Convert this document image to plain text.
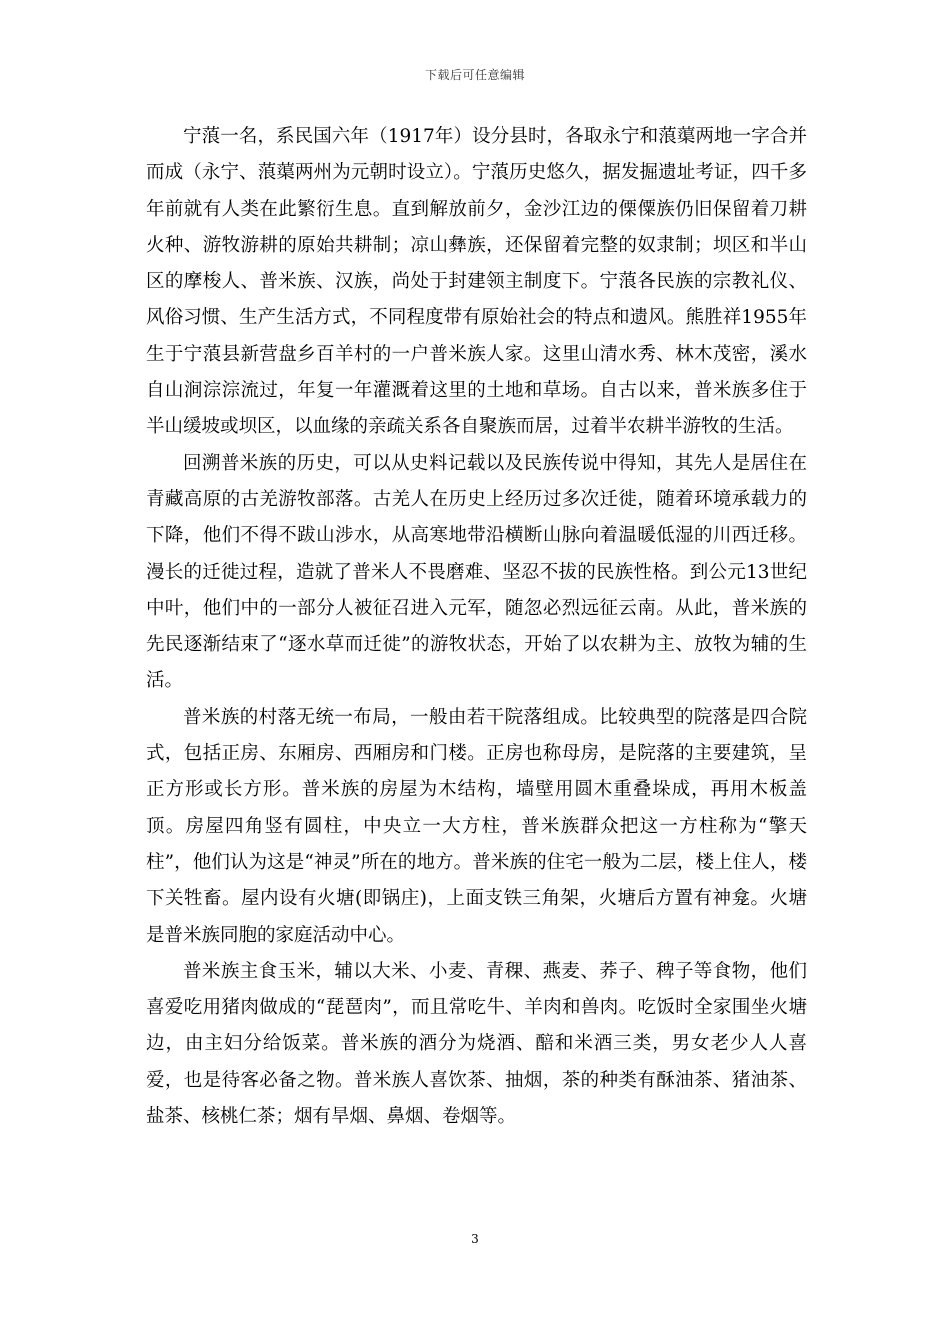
下载后可任意编辑

宁蒗一名，系民国六年（1917年）设分县时，各取永宁和蒗蕖两地一字合并而成（永宁、蒗蕖两州为元朝时设立）。宁蒗历史悠久，据发掘遗址考证，四千多年前就有人类在此繁衍生息。直到解放前夕，金沙江边的傈僳族仍旧保留着刀耕火种、游牧游耕的原始共耕制；凉山彝族，还保留着完整的奴隶制；坝区和半山区的摩梭人、普米族、汉族，尚处于封建领主制度下。宁蒗各民族的宗教礼仪、风俗习惯、生产生活方式，不同程度带有原始社会的特点和遗风。熊胜祥1955年生于宁蒗县新营盘乡百羊村的一户普米族人家。这里山清水秀、林木茂密，溪水自山涧淙淙流过，年复一年灌溉着这里的土地和草场。自古以来，普米族多住于半山缓坡或坝区，以血缘的亲疏关系各自聚族而居，过着半农耕半游牧的生活。

回溯普米族的历史，可以从史料记载以及民族传说中得知，其先人是居住在青藏高原的古羌游牧部落。古羌人在历史上经历过多次迁徙，随着环境承载力的下降，他们不得不跋山涉水，从高寒地带沿横断山脉向着温暖低湿的川西迁移。漫长的迁徙过程，造就了普米人不畏磨难、坚忍不拔的民族性格。到公元13世纪中叶，他们中的一部分人被征召进入元军，随忽必烈远征云南。从此，普米族的先民逐渐结束了“逐水草而迁徙”的游牧状态，开始了以农耕为主、放牧为辅的生活。

普米族的村落无统一布局，一般由若干院落组成。比较典型的院落是四合院式，包括正房、东厢房、西厢房和门楼。正房也称母房，是院落的主要建筑，呈正方形或长方形。普米族的房屋为木结构，墙壁用圆木重叠垛成，再用木板盖顶。房屋四角竖有圆柱，中央立一大方柱，普米族群众把这一方柱称为“擎天柱”，他们认为这是“神灵”所在的地方。普米族的住宅一般为二层，楼上住人，楼下关牲畜。屋内设有火塘(即锅庄)，上面支铁三角架，火塘后方置有神龛。火塘是普米族同胞的家庭活动中心。

普米族主食玉米，辅以大米、小麦、青稞、燕麦、荞子、稗子等食物，他们喜爱吃用猪肉做成的“琵琶肉”，而且常吃牛、羊肉和兽肉。吃饭时全家围坐火塘边，由主妇分给饭菜。普米族的酒分为烧酒、醅和米酒三类，男女老少人人喜爱，也是待客必备之物。普米族人喜饮茶、抽烟，茶的种类有酥油茶、猪油茶、盐茶、核桃仁茶；烟有旱烟、鼻烟、卷烟等。

3
